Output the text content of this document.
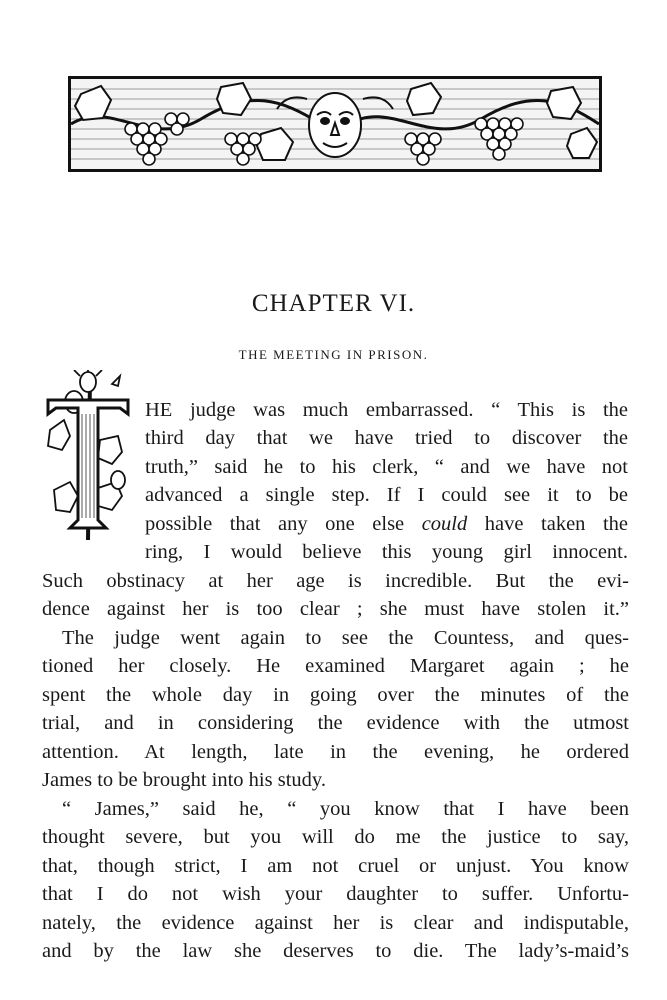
CHAPTER VI.
THE MEETING IN PRISON.
HE judge was much embarrassed. “ This is the
third day that we have tried to discover the
truth,” said he to his clerk, “ and we have not
advanced a single step. If I could see it to be
possible that any one else could have taken the
ring, I would believe this young girl innocent.
Such obstinacy at her age is incredible. But the evi-
dence against her is too clear ; she must have stolen it.”
The judge went again to see the Countess, and ques-
tioned her closely. He examined Margaret again ; he
spent the whole day in going over the minutes of the
trial, and in considering the evidence with the utmost
attention. At length, late in the evening, he ordered
James to be brought into his study.
“ James,” said he, “ you know that I have been
thought severe, but you will do me the justice to say,
that, though strict, I am not cruel or unjust. You know
that I do not wish your daughter to suffer. Unfortu-
nately, the evidence against her is clear and indisputable,
and by the law she deserves to die. The lady’s-maid’s
